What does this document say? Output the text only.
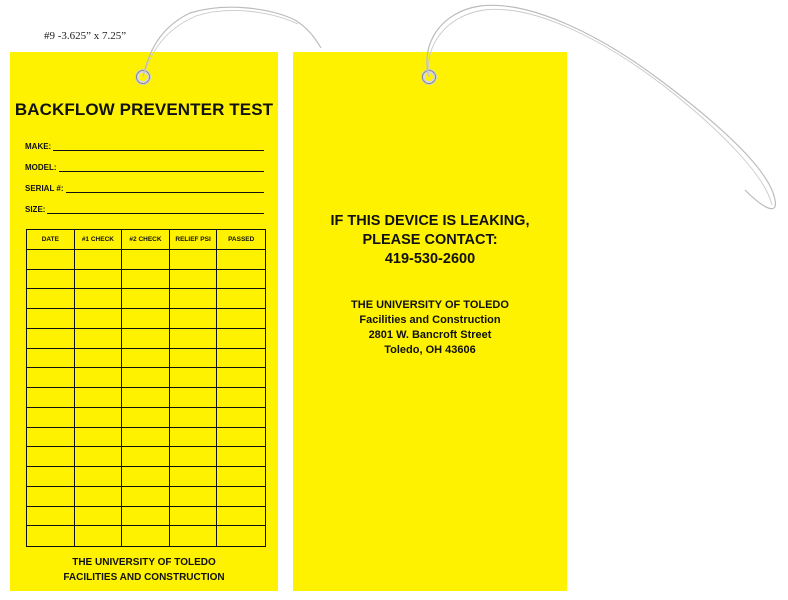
#9 -3.625” x 7.25”
BACKFLOW PREVENTER TEST
MAKE:
MODEL:
SERIAL #:
SIZE:
DATE	#1 CHECK	#2 CHECK	RELIEF PSI	PASSED
THE UNIVERSITY OF TOLEDO
FACILITIES AND CONSTRUCTION
IF THIS DEVICE IS LEAKING,
PLEASE CONTACT:
419-530-2600
THE UNIVERSITY OF TOLEDO
Facilities and Construction
2801 W. Bancroft Street
Toledo, OH 43606
